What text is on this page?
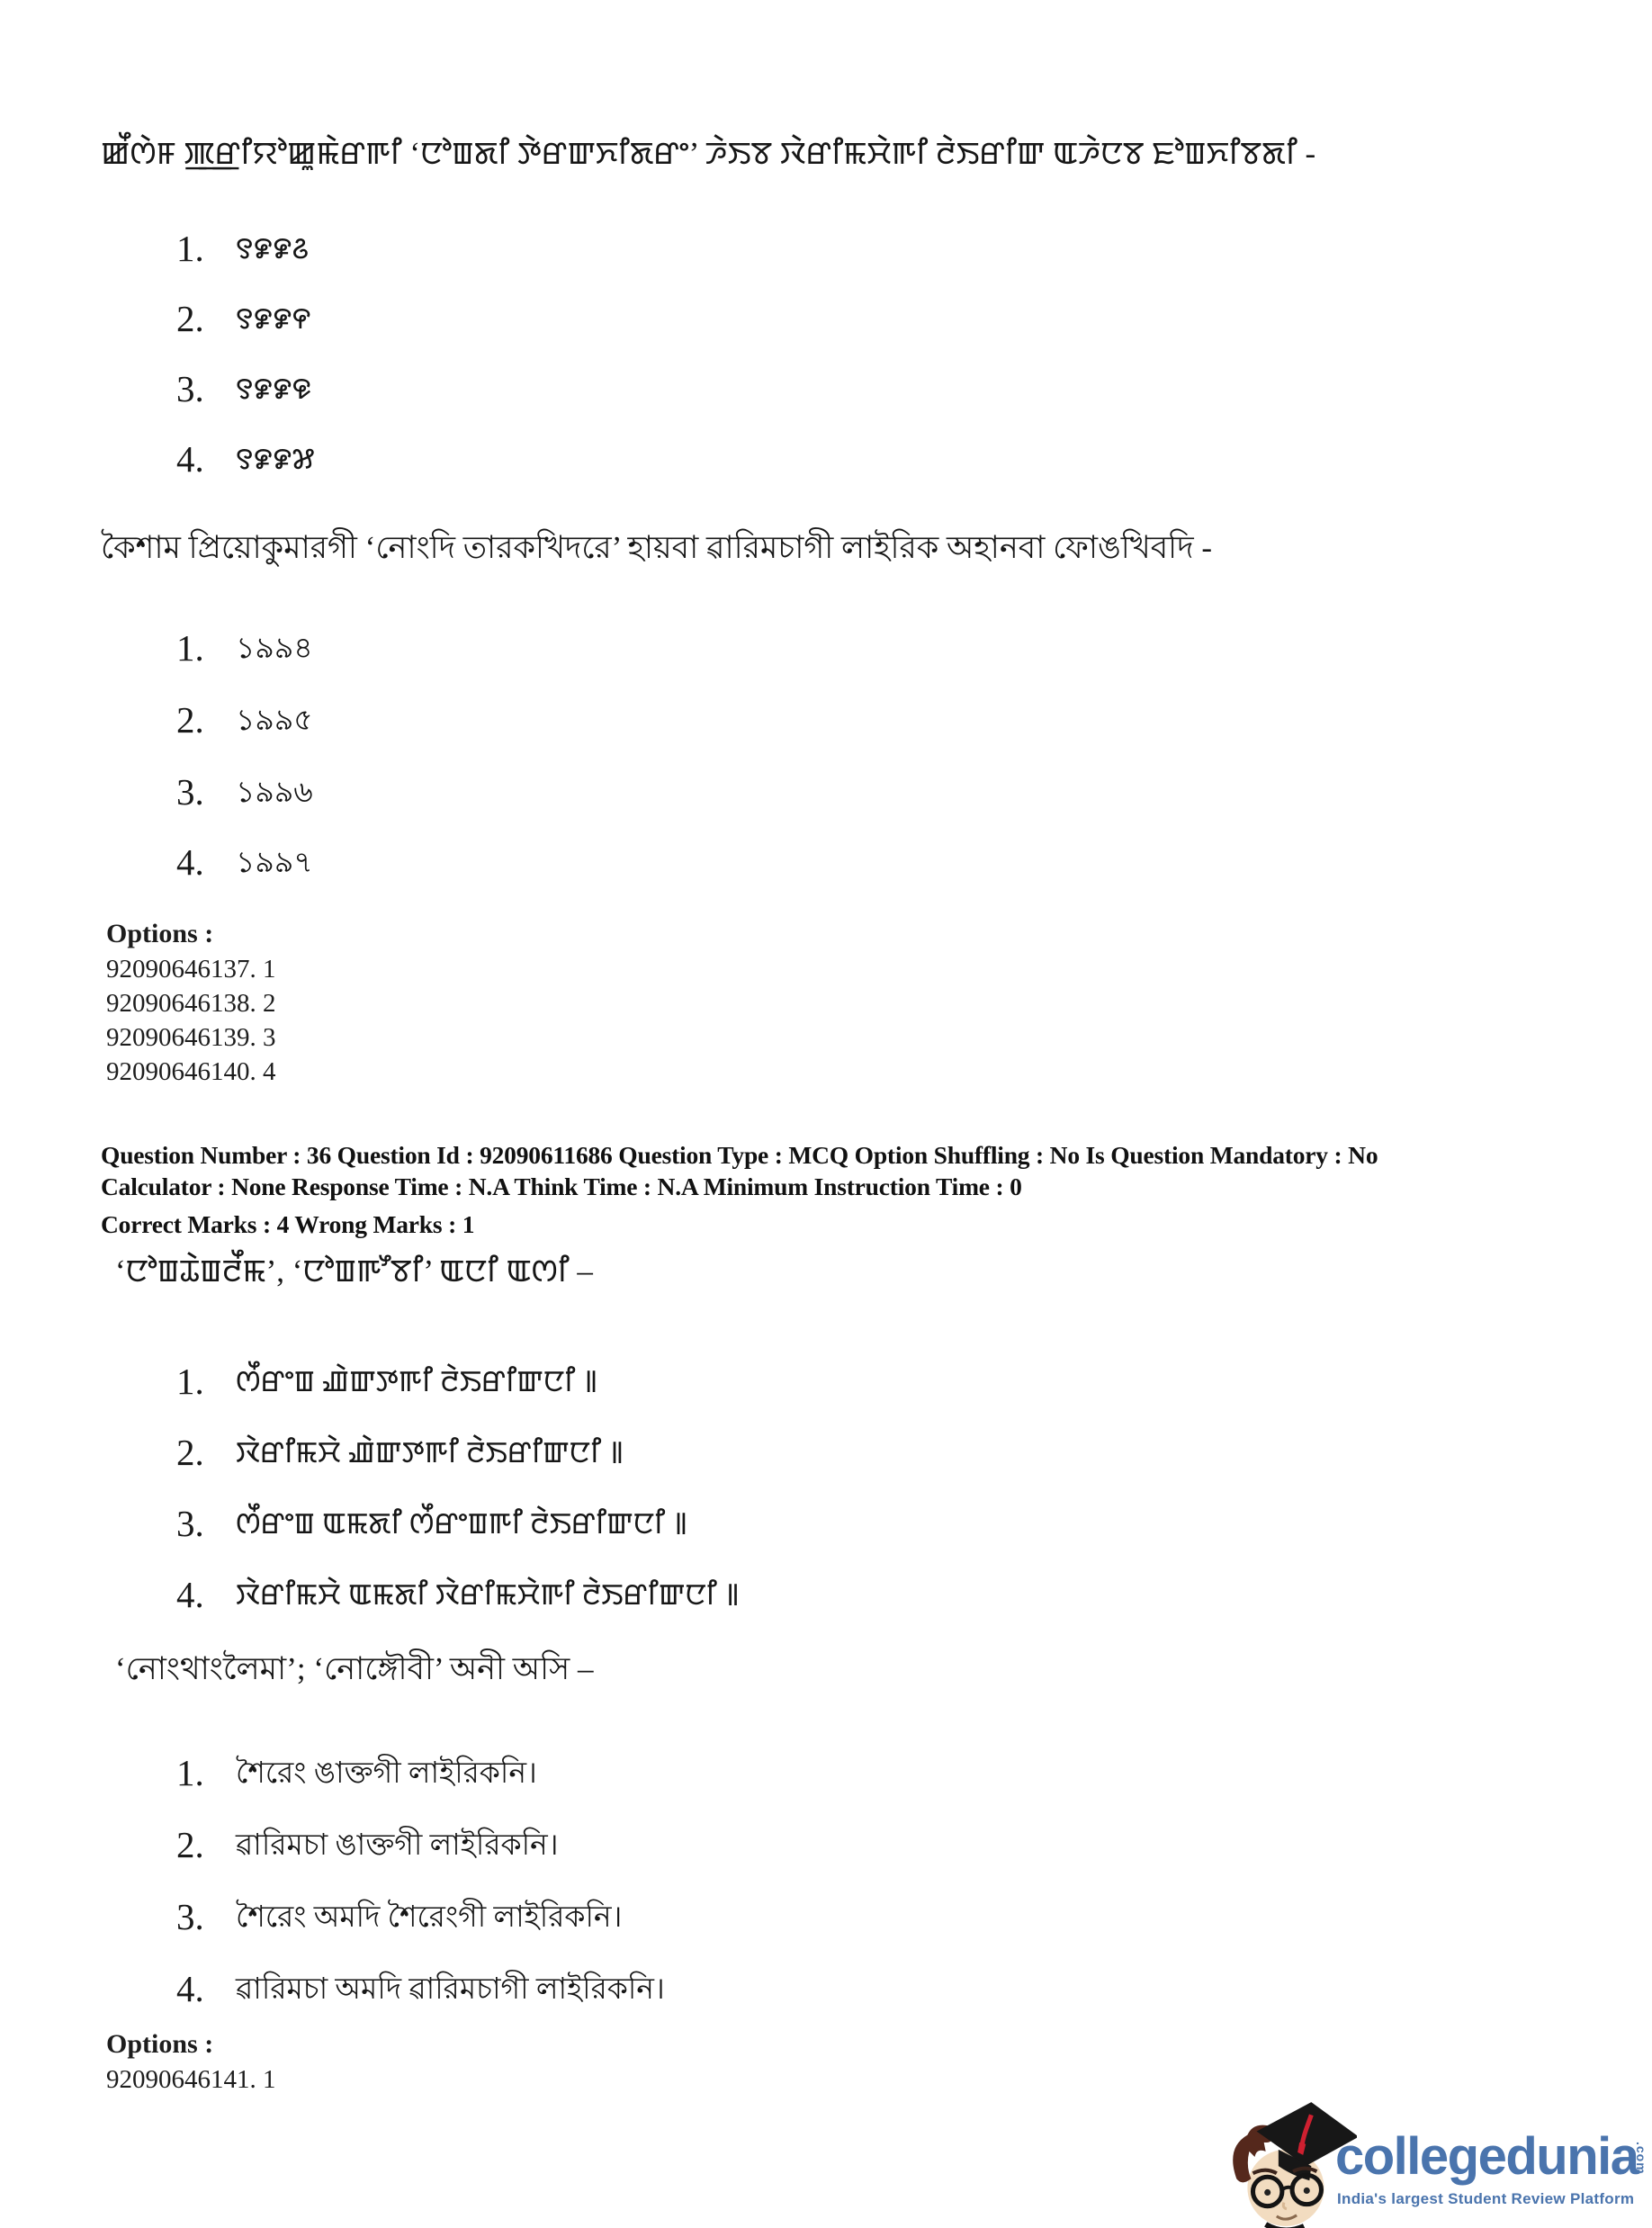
ꯀꯩꯁꯥꯝ ꯄ꯭ꯔꯤꯌꯣꯀꯨꯃꯥꯔꯒꯤ ‘ꯅꯣꯡꯗꯤ ꯇꯥꯔꯛꯈꯤꯗꯔꯦ’ ꯍꯥꯏꯕ ꯋꯥꯔꯤꯃꯆꯥꯒꯤ ꯂꯥꯏꯔꯤꯛ ꯑꯍꯥꯅꯕ ꯐꯣꯡꯈꯤꯕꯗꯤ -
1.	꯱꯹꯹꯴
2.	꯱꯹꯹꯵
3.	꯱꯹꯹꯶
4.	꯱꯹꯹꯷
কৈশাম প্রিয়োকুমারগী ‘নোংদি তারকখিদরে’ হায়বা ৱারিমচাগী লাইরিক অহানবা ফোঙখিবদি -
1.	১৯৯৪
2.	১৯৯৫
3.	১৯৯৬
4.	১৯৯৭
Options :
92090646137. 1
92090646138. 2
92090646139. 3
92090646140. 4
Question Number : 36 Question Id : 92090611686 Question Type : MCQ Option Shuffling : No Is Question Mandatory : No
Calculator : None Response Time : N.A Think Time : N.A Minimum Instruction Time : 0
Correct Marks : 4 Wrong Marks : 1
‘ꯅꯣꯡꯊꯥꯡꯂꯩꯃ’, ‘ꯅꯣꯡꯒꯧꯕꯤ’ ꯑꯅꯤ ꯑꯁꯤ –
1.	ꯁꯩꯔꯦꯡ ꯉꯥꯛꯇꯒꯤ ꯂꯥꯏꯔꯤꯛꯅꯤ ꯫
2.	ꯋꯥꯔꯤꯃꯆꯥ ꯉꯥꯛꯇꯒꯤ ꯂꯥꯏꯔꯤꯛꯅꯤ ꯫
3.	ꯁꯩꯔꯦꯡ ꯑꯃꯗꯤ ꯁꯩꯔꯦꯡꯒꯤ ꯂꯥꯏꯔꯤꯛꯅꯤ ꯫
4.	ꯋꯥꯔꯤꯃꯆꯥ ꯑꯃꯗꯤ ꯋꯥꯔꯤꯃꯆꯥꯒꯤ ꯂꯥꯏꯔꯤꯛꯅꯤ ꯫
‘নোংথাংলৈমা’; ‘নোঙ্গৌবী’ অনী অসি –
1.	শৈরেং ঙাক্তগী লাইরিকনি।
2.	ৱারিমচা ঙাক্তগী লাইরিকনি।
3.	শৈরেং অমদি শৈরেংগী লাইরিকনি।
4.	ৱারিমচা অমদি ৱারিমচাগী লাইরিকনি।
Options :
92090646141. 1
collegedunia
.com
India's largest Student Review Platform
